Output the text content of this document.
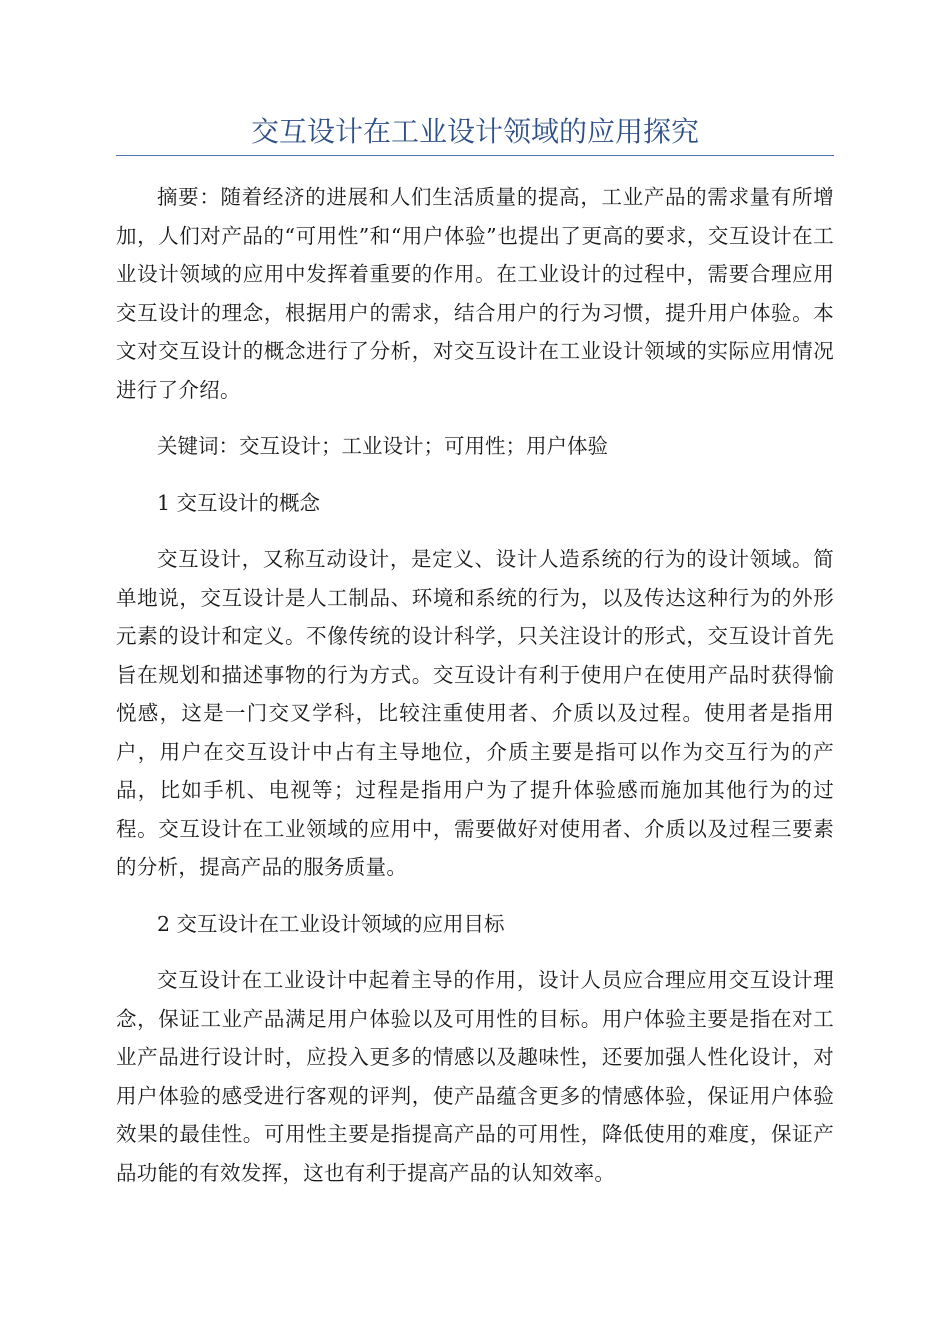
交互设计在工业设计领域的应用探究

摘要：随着经济的进展和人们生活质量的提高，工业产品的需求量有所增加，人们对产品的“可用性”和“用户体验”也提出了更高的要求，交互设计在工业设计领域的应用中发挥着重要的作用。在工业设计的过程中，需要合理应用交互设计的理念，根据用户的需求，结合用户的行为习惯，提升用户体验。本文对交互设计的概念进行了分析，对交互设计在工业设计领域的实际应用情况进行了介绍。

关键词：交互设计；工业设计；可用性；用户体验

1 交互设计的概念

交互设计，又称互动设计，是定义、设计人造系统的行为的设计领域。简单地说，交互设计是人工制品、环境和系统的行为，以及传达这种行为的外形元素的设计和定义。不像传统的设计科学，只关注设计的形式，交互设计首先旨在规划和描述事物的行为方式。交互设计有利于使用户在使用产品时获得愉悦感，这是一门交叉学科，比较注重使用者、介质以及过程。使用者是指用户，用户在交互设计中占有主导地位，介质主要是指可以作为交互行为的产品，比如手机、电视等；过程是指用户为了提升体验感而施加其他行为的过程。交互设计在工业领域的应用中，需要做好对使用者、介质以及过程三要素的分析，提高产品的服务质量。

2 交互设计在工业设计领域的应用目标

交互设计在工业设计中起着主导的作用，设计人员应合理应用交互设计理念，保证工业产品满足用户体验以及可用性的目标。用户体验主要是指在对工业产品进行设计时，应投入更多的情感以及趣味性，还要加强人性化设计，对用户体验的感受进行客观的评判，使产品蕴含更多的情感体验，保证用户体验效果的最佳性。可用性主要是指提高产品的可用性，降低使用的难度，保证产品功能的有效发挥，这也有利于提高产品的认知效率。
